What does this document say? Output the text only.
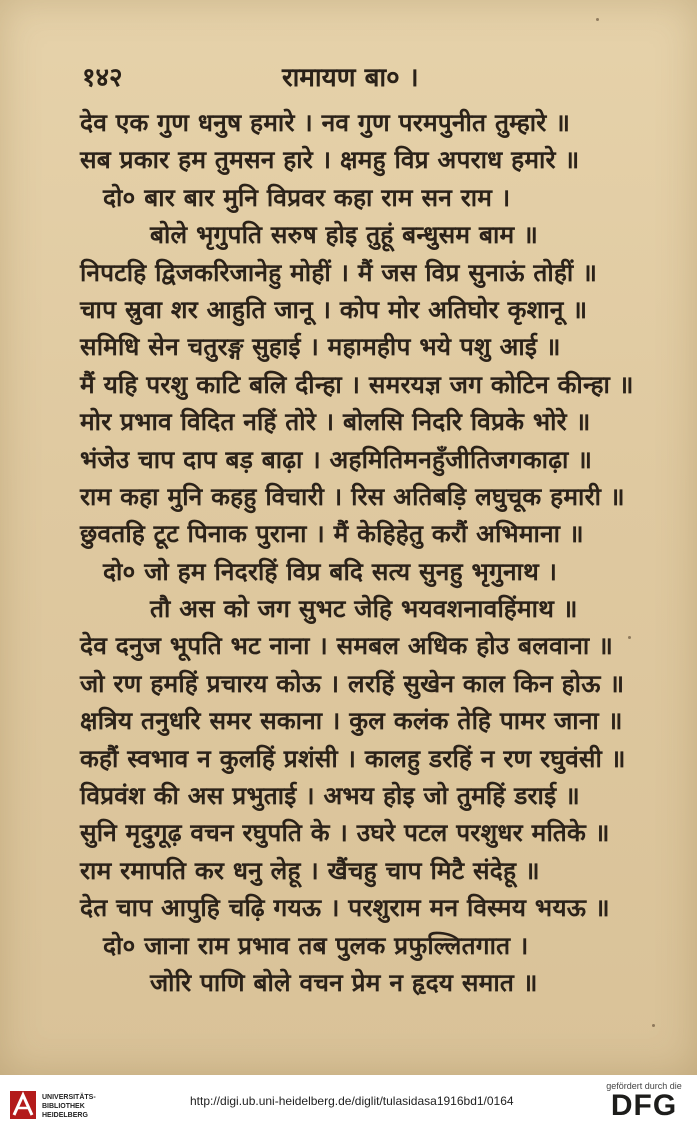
१४२	रामायण बा० ।
देव एक गुण धनुष हमारे । नव गुण परमपुनीत तुम्हारे ॥
सब प्रकार हम तुमसन हारे । क्षमहु विप्र अपराध हमारे ॥
दो० बार बार मुनि विप्रवर कहा राम सन राम ।
बोले भृगुपति सरुष होइ तुहूं बन्धुसम बाम ॥
निपटहि द्विजकरिजानेहु मोहीं । मैं जस विप्र सुनाऊं तोहीं ॥
चाप स्रुवा शर आहुति जानू । कोप मोर अतिघोर कृशानू ॥
समिधि सेन चतुरङ्ग सुहाई । महामहीप भये पशु आई ॥
मैं यहि परशु काटि बलि दीन्हा । समरयज्ञ जग कोटिन कीन्हा ॥
मोर प्रभाव विदित नहिं तोरे । बोलसि निदरि विप्रके भोरे ॥
भंजेउ चाप दाप बड़ बाढ़ा । अहमितिमनहुँजीतिजगकाढ़ा ॥
राम कहा मुनि कहहु विचारी । रिस अतिबड़ि लघुचूक हमारी ॥
छुवतहि टूट पिनाक पुराना । मैं केहिहेतु करौं अभिमाना ॥
दो० जो हम निदरहिं विप्र बदि सत्य सुनहु भृगुनाथ ।
तौ अस को जग सुभट जेहि भयवशनावहिंमाथ ॥
देव दनुज भूपति भट नाना । समबल अधिक होउ बलवाना ॥
जो रण हमहिं प्रचारय कोऊ । लरहिं सुखेन काल किन होऊ ॥
क्षत्रिय तनुधरि समर सकाना । कुल कलंक तेहि पामर जाना ॥
कहौं स्वभाव न कुलहिं प्रशंसी । कालहु डरहिं न रण रघुवंसी ॥
विप्रवंश की अस प्रभुताई । अभय होइ जो तुमहिं डराई ॥
सुनि मृदुगूढ़ वचन रघुपति के । उघरे पटल परशुधर मतिके ॥
राम रमापति कर धनु लेहू । खैंचहु चाप मिटै संदेहू ॥
देत चाप आपुहि चढ़ि गयऊ । परशुराम मन विस्मय भयऊ ॥
दो० जाना राम प्रभाव तब पुलक प्रफुल्लितगात ।
जोरि पाणि बोले वचन प्रेम न हृदय समात ॥
UNIVERSITÄTS-
BIBLIOTHEK
HEIDELBERG
http://digi.ub.uni-heidelberg.de/diglit/tulasidasa1916bd1/0164
gefördert durch die
DFG
